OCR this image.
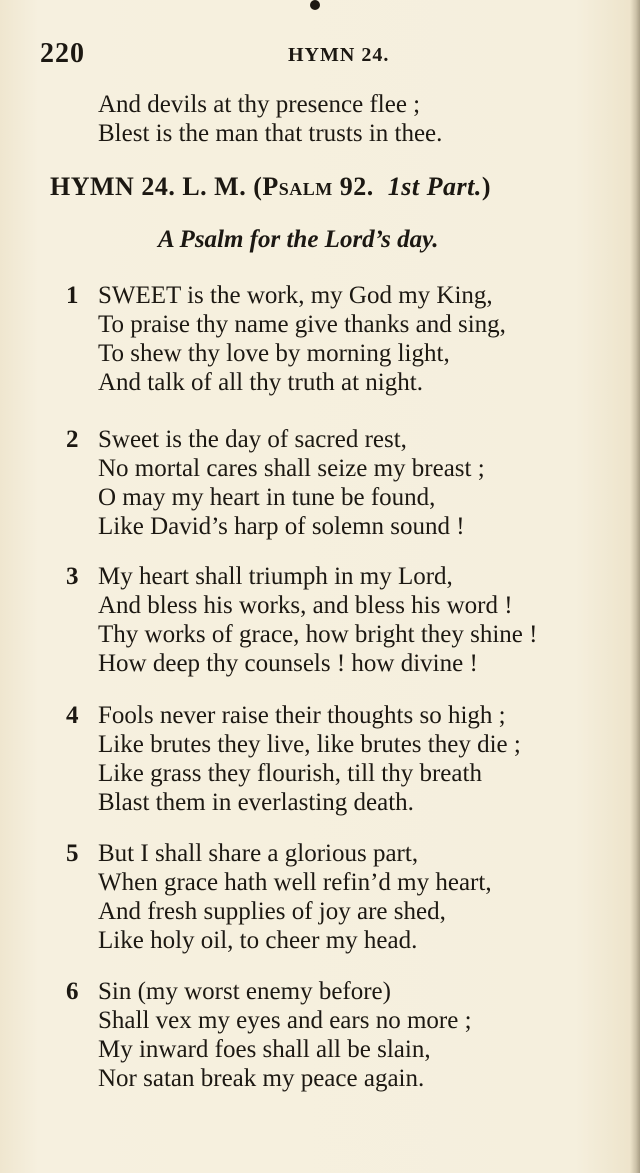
220	HYMN 24.
And devils at thy presence flee ;
Blest is the man that trusts in thee.
HYMN 24. L. M. (Psalm 92. 1st Part.)
A Psalm for the Lord’s day.
1 SWEET is the work, my God my King,
To praise thy name give thanks and sing,
To shew thy love by morning light,
And talk of all thy truth at night.
2 Sweet is the day of sacred rest,
No mortal cares shall seize my breast ;
O may my heart in tune be found,
Like David’s harp of solemn sound !
3 My heart shall triumph in my Lord,
And bless his works, and bless his word !
Thy works of grace, how bright they shine !
How deep thy counsels ! how divine !
4 Fools never raise their thoughts so high ;
Like brutes they live, like brutes they die ;
Like grass they flourish, till thy breath
Blast them in everlasting death.
5 But I shall share a glorious part,
When grace hath well refin’d my heart,
And fresh supplies of joy are shed,
Like holy oil, to cheer my head.
6 Sin (my worst enemy before)
Shall vex my eyes and ears no more ;
My inward foes shall all be slain,
Nor satan break my peace again.
